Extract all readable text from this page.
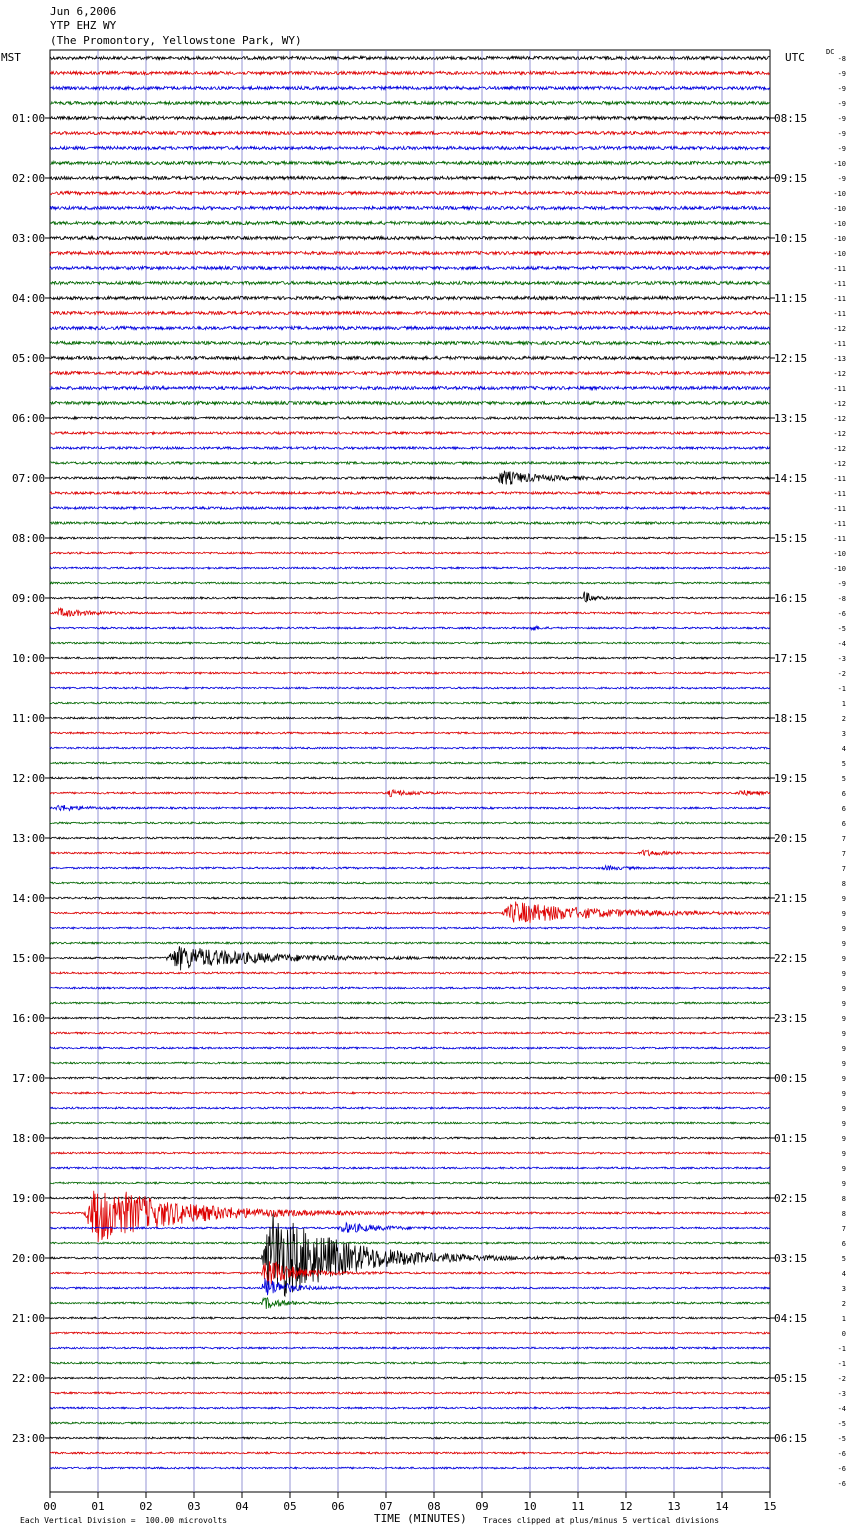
Jun 6,2006
YTP EHZ WY
(The Promontory, Yellowstone Park, WY)
MST	UTC	DC
01:00	08:15
02:00	09:15
03:00	10:15
04:00	11:15
05:00	12:15
06:00	13:15
07:00	14:15
08:00	15:15
09:00	16:15
10:00	17:15
11:00	18:15
12:00	19:15
13:00	20:15
14:00	21:15
15:00	22:15
16:00	23:15
17:00	00:15
18:00	01:15
19:00	02:15
20:00	03:15
21:00	04:15
22:00	05:15
23:00	06:15
-8
-9
-9
-9
-9
-9
-9
-10
-9
-10
-10
-10
-10
-10
-11
-11
-11
-11
-12
-11
-13
-12
-11
-12
-12
-12
-12
-12
-11
-11
-11
-11
-11
-10
-10
-9
-8
-6
-5
-4
-3
-2
-1
1
2
3
4
5
5
6
6
6
7
7
7
8
9
9
9
9
9
9
9
9
9
9
9
9
9
9
9
9
9
9
9
9
8
8
7
6
5
4
3
2
1
0
-1
-1
-2
-3
-4
-5
-5
-6
-6
-6
00	01	02	03	04	05	06	07	08	09	10	11	12	13	14	15
Each Vertical Division =  100.00 microvolts	TIME (MINUTES) Traces clipped at plus/minus 5 vertical divisions
